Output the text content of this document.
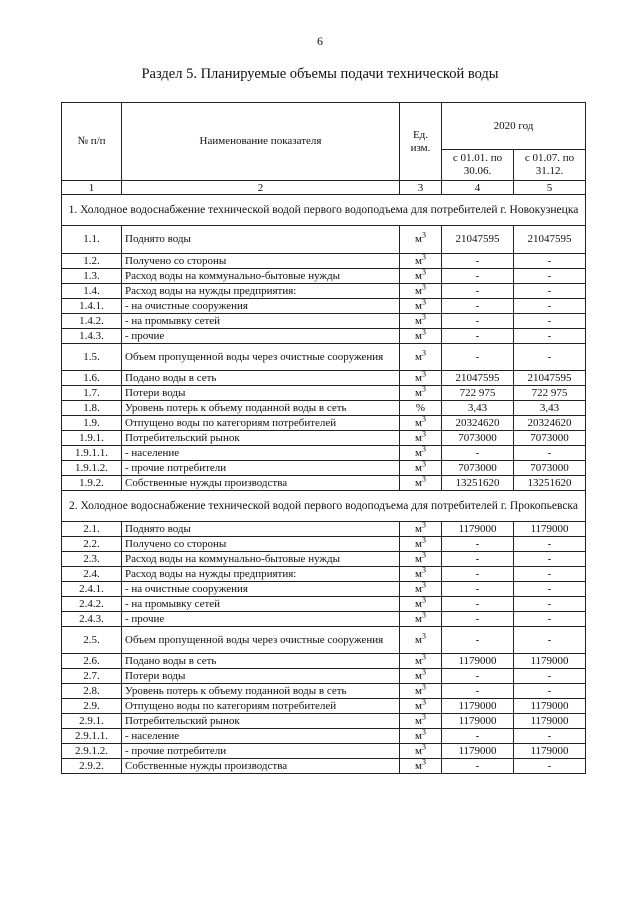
6
Раздел 5. Планируемые объемы подачи технической воды
№ п/п	Наименование показателя	Ед. изм.	2020 год	
			с 01.01. по 30.06.	с 01.07. по 31.12.
1	2	3	4	5
1. Холодное водоснабжение технической водой первого водоподъема для потребителей г. Новокузнецка				
1.1.	Поднято воды	$м^3$	21047595	21047595
1.2.	Получено со стороны	$м^3$	-	-
1.3.	Расход воды на коммунально-бытовые нужды	$м^3$	-	-
1.4.	Расход воды на нужды предприятия:	$м^3$	-	-
1.4.1.	- на очистные сооружения	$м^3$	-	-
1.4.2.	- на промывку сетей	$м^3$	-	-
1.4.3.	- прочие	$м^3$	-	-
1.5.	Объем пропущенной воды через очистные сооружения	$м^3$	-	-
1.6.	Подано воды в сеть	$м^3$	21047595	21047595
1.7.	Потери воды	$м^3$	722 975	722 975
1.8.	Уровень потерь к объему поданной воды в сеть	%	3,43	3,43
1.9.	Отпущено воды по категориям потребителей	$м^3$	20324620	20324620
1.9.1.	Потребительский рынок	$м^3$	7073000	7073000
1.9.1.1.	- население	$м^3$	-	-
1.9.1.2.	- прочие потребители	$м^3$	7073000	7073000
1.9.2.	Собственные нужды производства	$м^3$	13251620	13251620
2. Холодное водоснабжение технической водой первого водоподъема для потребителей г. Прокопьевска				
2.1.	Поднято воды	$м^3$	1179000	1179000
2.2.	Получено со стороны	$м^3$	-	-
2.3.	Расход воды на коммунально-бытовые нужды	$м^3$	-	-
2.4.	Расход воды на нужды предприятия:	$м^3$	-	-
2.4.1.	- на очистные сооружения	$м^3$	-	-
2.4.2.	- на промывку сетей	$м^3$	-	-
2.4.3.	- прочие	$м^3$	-	-
2.5.	Объем пропущенной воды через очистные сооружения	$м^3$	-	-
2.6.	Подано воды в сеть	$м^3$	1179000	1179000
2.7.	Потери воды	$м^3$	-	-
2.8.	Уровень потерь к объему поданной воды в сеть	$м^3$	-	-
2.9.	Отпущено воды по категориям потребителей	$м^3$	1179000	1179000
2.9.1.	Потребительский рынок	$м^3$	1179000	1179000
2.9.1.1.	- население	$м^3$	-	-
2.9.1.2.	- прочие потребители	$м^3$	1179000	1179000
2.9.2.	Собственные нужды производства	$м^3$	-	-
